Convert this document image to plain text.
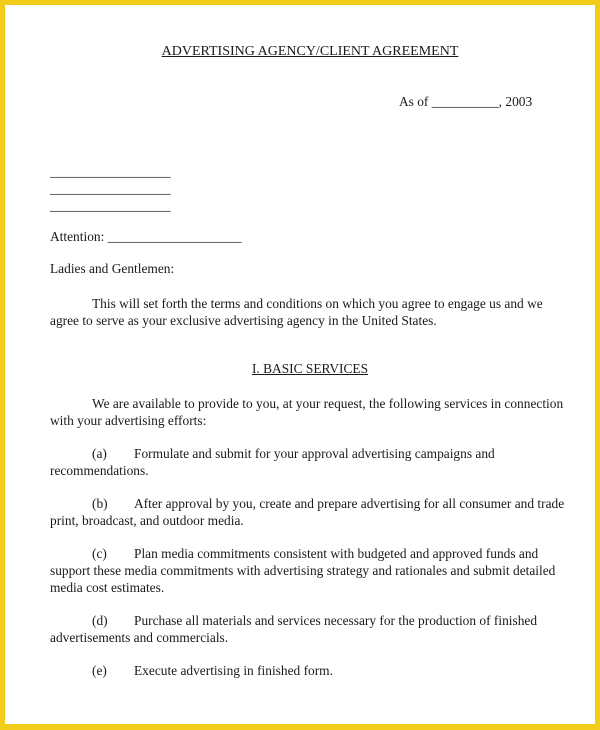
ADVERTISING AGENCY/CLIENT AGREEMENT
As of __________, 2003
__________________
__________________
__________________
Attention: ____________________
Ladies and Gentlemen:
This will set forth the terms and conditions on which you agree to engage us and we agree to serve as your exclusive advertising agency in the United States.
I. BASIC SERVICES
We are available to provide to you, at your request, the following services in connection with your advertising efforts:
(a) Formulate and submit for your approval advertising campaigns and recommendations.
(b) After approval by you, create and prepare advertising for all consumer and trade print, broadcast, and outdoor media.
(c) Plan media commitments consistent with budgeted and approved funds and support these media commitments with advertising strategy and rationales and submit detailed media cost estimates.
(d) Purchase all materials and services necessary for the production of finished advertisements and commercials.
(e) Execute advertising in finished form.
